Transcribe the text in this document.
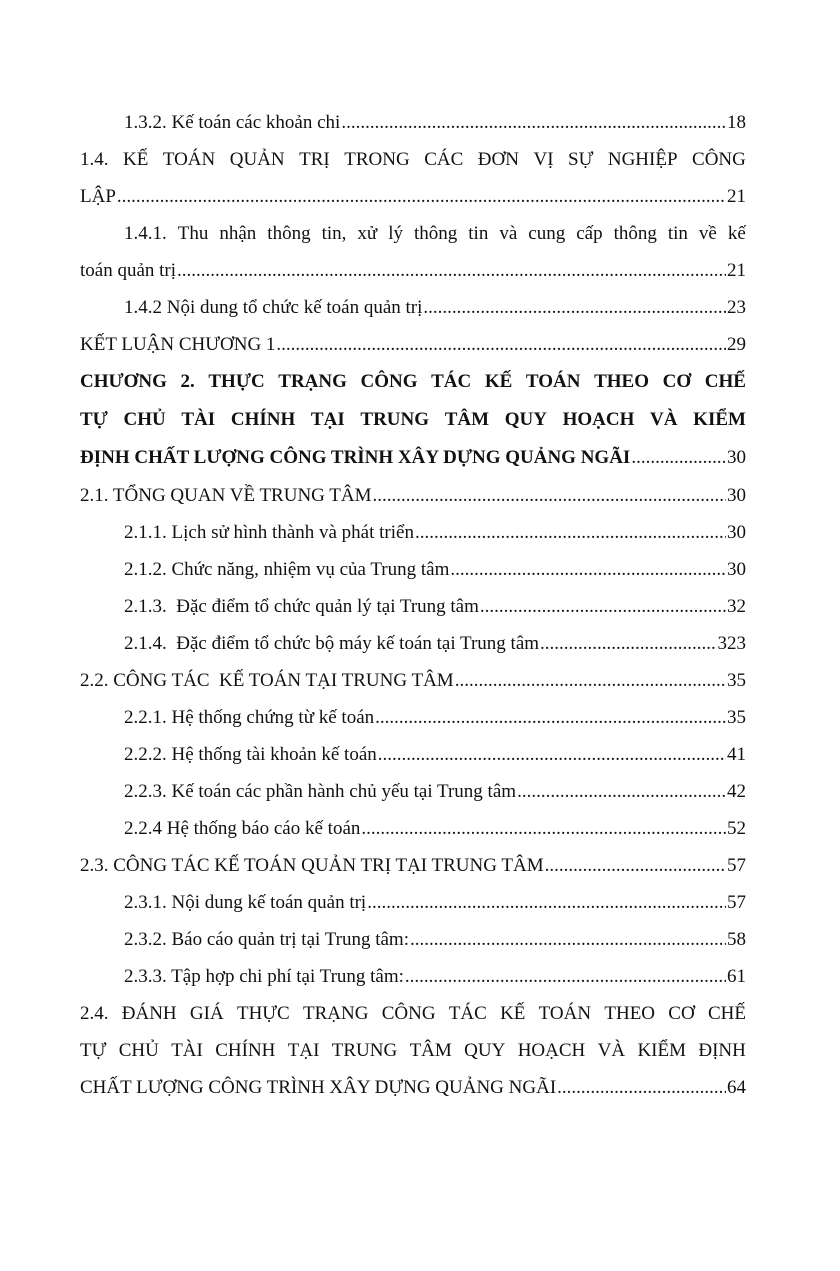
1.3.2. Kế toán các khoản chi .....	18
1.4. KẾ TOÁN QUẢN TRỊ TRONG CÁC ĐƠN VỊ SỰ NGHIỆP CÔNG
LẬP .....	21
1.4.1. Thu nhận thông tin, xử lý thông tin và cung cấp thông tin về kế
toán quản trị .....	21
1.4.2 Nội dung tổ chức kế toán quản trị .....	23
KẾT LUẬN CHƯƠNG 1 .....	29
CHƯƠNG 2. THỰC TRẠNG CÔNG TÁC KẾ TOÁN THEO CƠ CHẾ
TỰ CHỦ TÀI CHÍNH TẠI TRUNG TÂM QUY HOẠCH VÀ KIỂM
ĐỊNH CHẤT LƯỢNG CÔNG TRÌNH XÂY DỰNG QUẢNG NGÃI .....	30
2.1. TỔNG QUAN VỀ TRUNG TÂM .....	30
2.1.1. Lịch sử hình thành và phát triển .....	30
2.1.2. Chức năng, nhiệm vụ của Trung tâm .....	30
2.1.3.  Đặc điểm tổ chức quản lý tại Trung tâm .....	32
2.1.4.  Đặc điểm tổ chức bộ máy kế toán tại Trung tâm .....	323
2.2. CÔNG TÁC  KẾ TOÁN TẠI TRUNG TÂM .....	35
2.2.1. Hệ thống chứng từ kế toán .....	35
2.2.2. Hệ thống tài khoản kế toán .....	41
2.2.3. Kế toán các phần hành chủ yếu tại Trung tâm .....	42
2.2.4 Hệ thống báo cáo kế toán .....	52
2.3. CÔNG TÁC KẾ TOÁN QUẢN TRỊ TẠI TRUNG TÂM .....	57
2.3.1. Nội dung kế toán quản trị .....	57
2.3.2. Báo cáo quản trị tại Trung tâm: .....	58
2.3.3. Tập hợp chi phí tại Trung tâm: .....	61
2.4. ĐÁNH GIÁ THỰC TRẠNG CÔNG TÁC KẾ TOÁN THEO CƠ CHẾ
TỰ CHỦ TÀI CHÍNH TẠI TRUNG TÂM QUY HOẠCH VÀ KIỂM ĐỊNH
CHẤT LƯỢNG CÔNG TRÌNH XÂY DỰNG QUẢNG NGÃI .....	64
